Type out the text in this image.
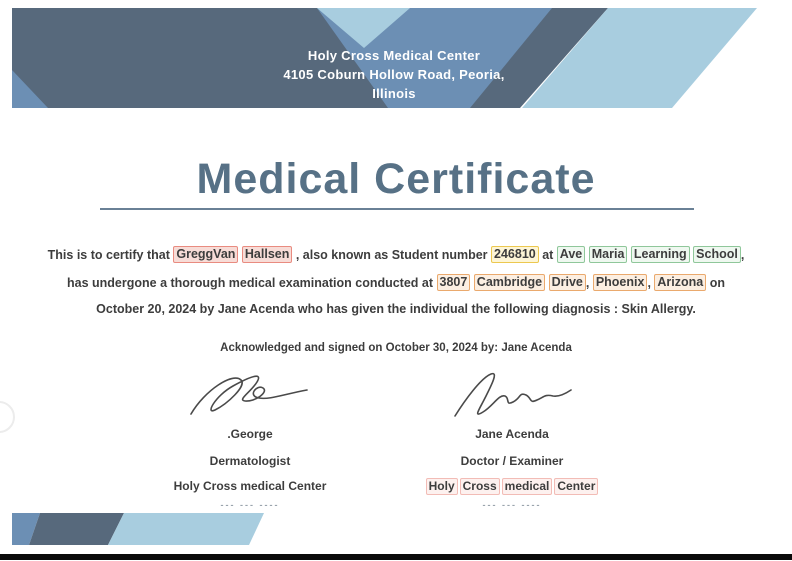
Holy Cross Medical Center
4105 Coburn Hollow Road, Peoria,
Illinois
Medical Certificate
This is to certify that GreggVan
Hallsen , also known as Student number 246810 at Ave
Maria
Learning
School ,
has undergone a thorough medical examination conducted at 3807
Cambridge
Drive , Phoenix , Arizona on
October 20, 2024 by Jane Acenda who has given the individual the following diagnosis : Skin Allergy.
Acknowledged and signed on October 30, 2024 by: Jane Acenda
.George
Dermatologist
Holy Cross medical Center
--- --- ----
Jane Acenda
Doctor / Examiner
Holy Cross medical Center
--- --- ----
